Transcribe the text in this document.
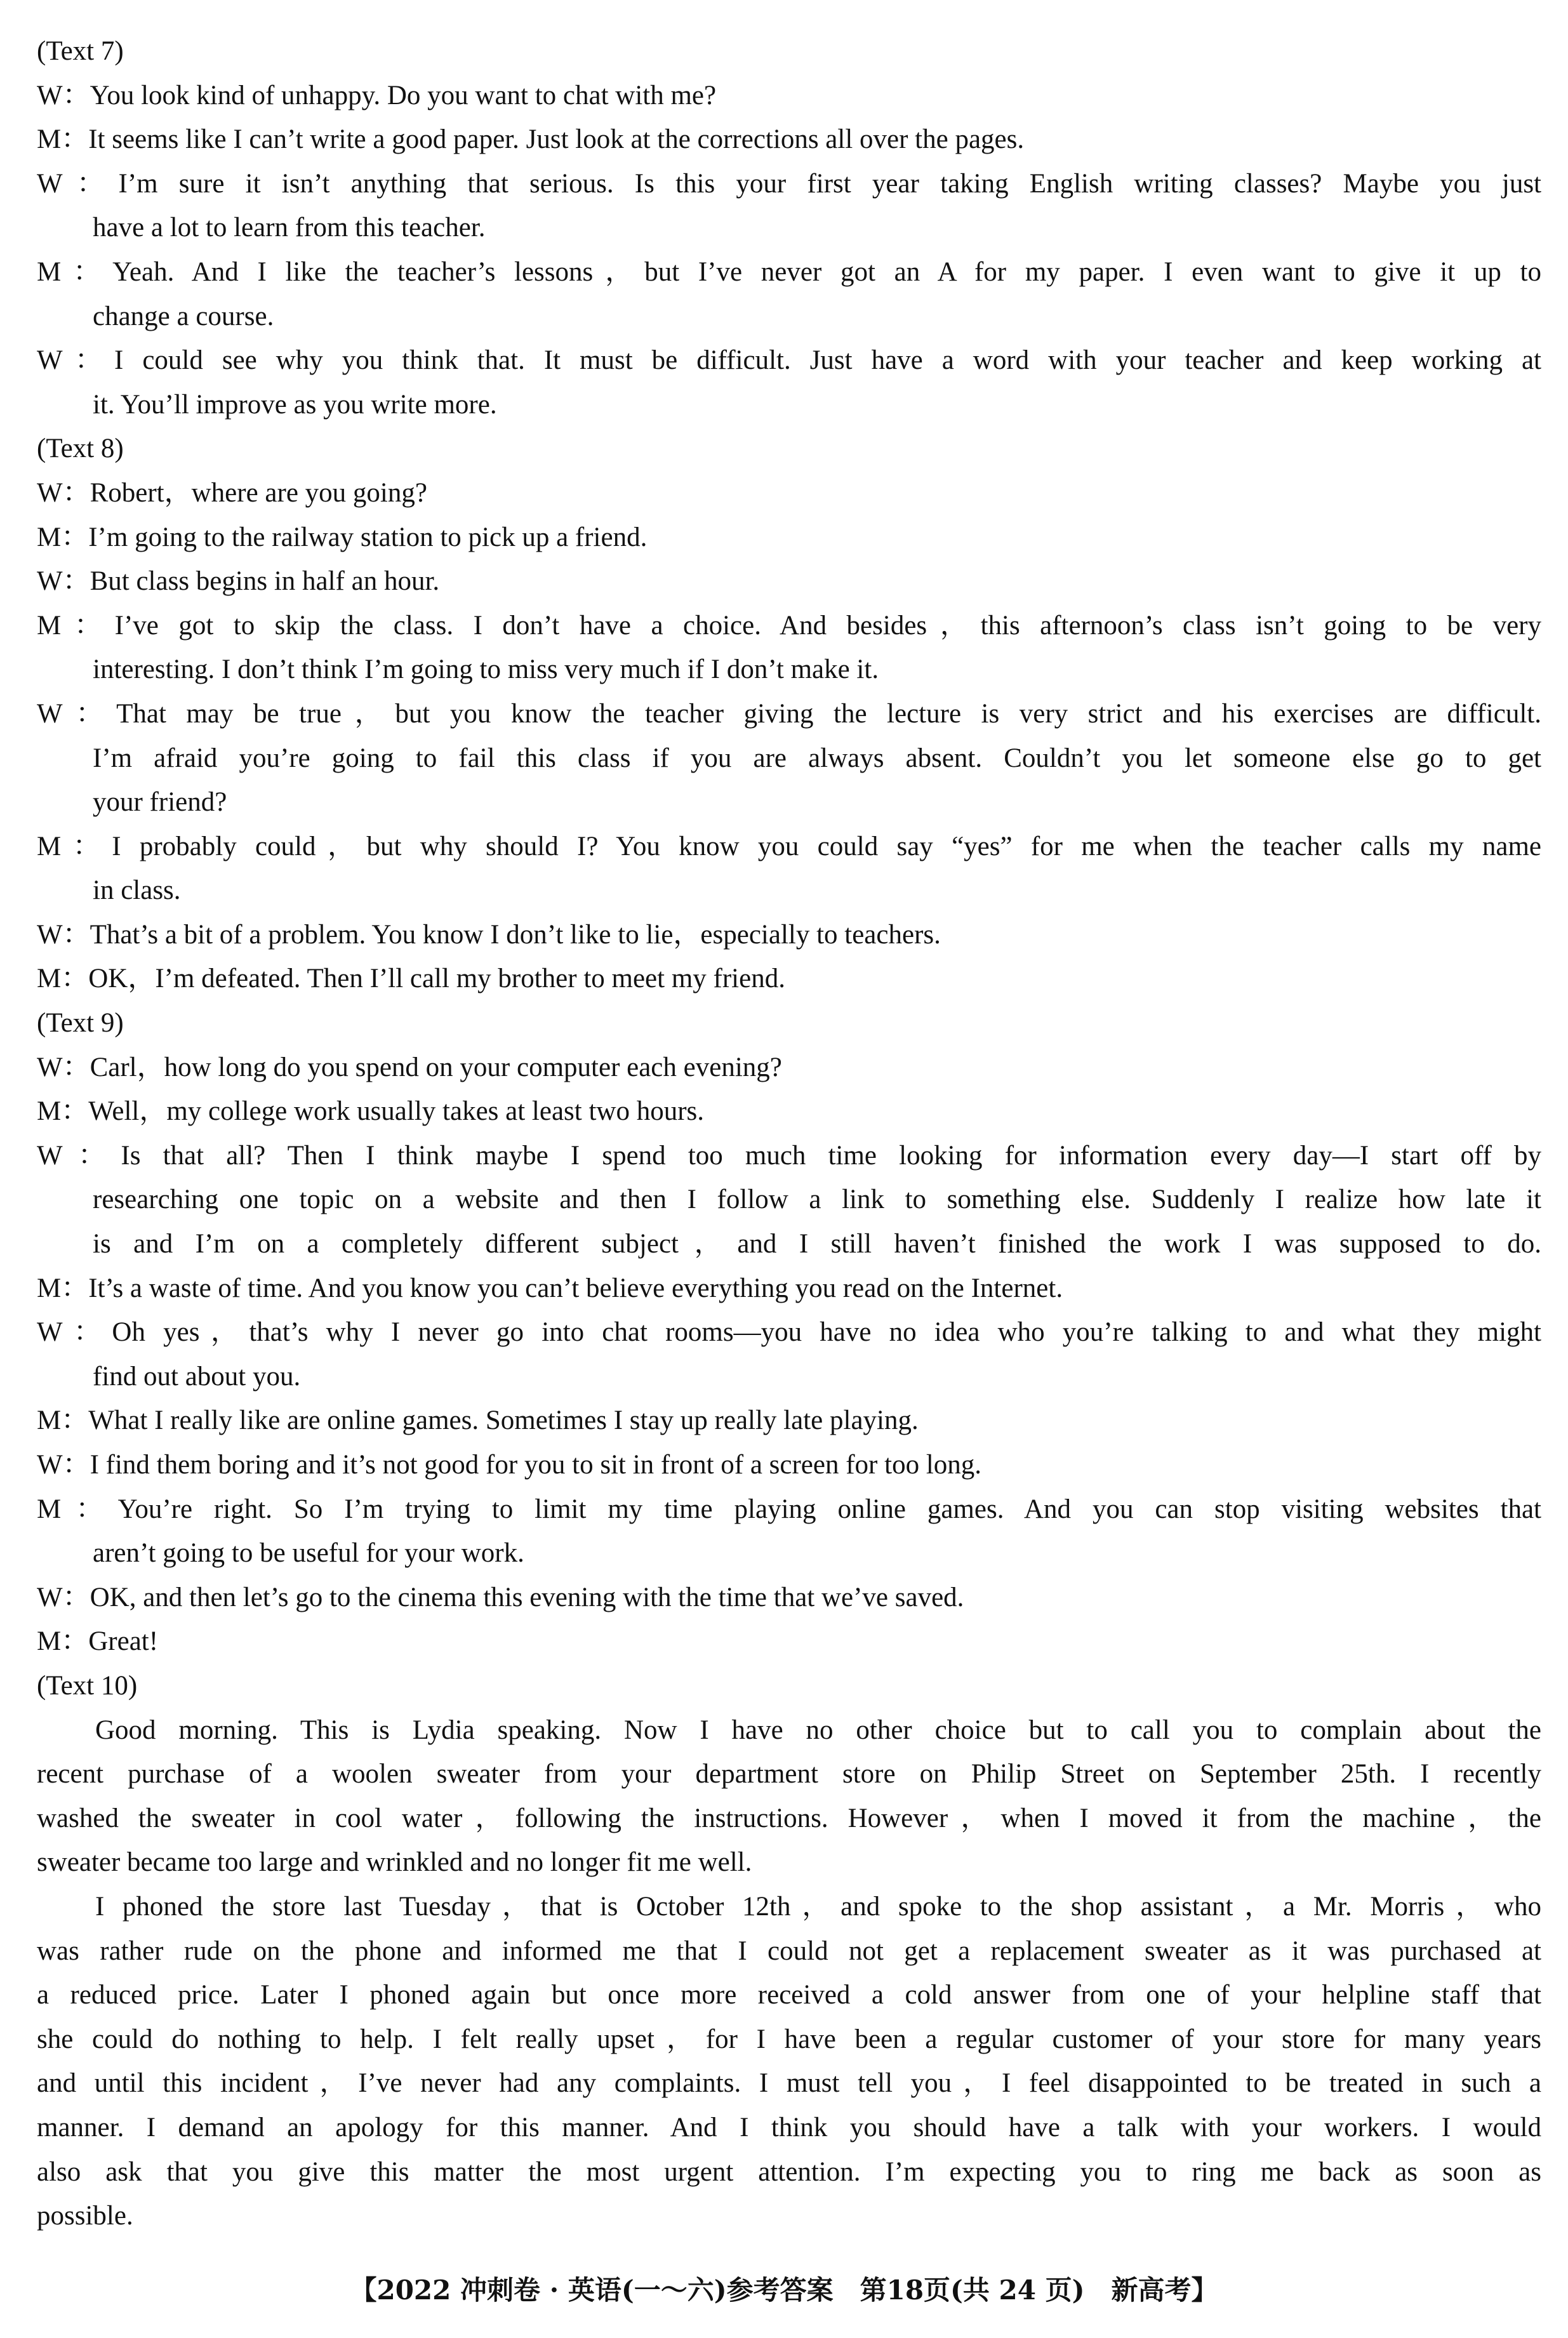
(Text 7)
W：You look kind of unhappy. Do you want to chat with me?
M：It seems like I can’t write a good paper. Just look at the corrections all over the pages.
W：I’m sure it isn’t anything that serious. Is this your first year taking English writing classes? Maybe you just
have a lot to learn from this teacher.
M：Yeah. And I like the teacher’s lessons，but I’ve never got an A for my paper. I even want to give it up to
change a course.
W：I could see why you think that. It must be difficult. Just have a word with your teacher and keep working at
it. You’ll improve as you write more.
(Text 8)
W：Robert，where are you going?
M：I’m going to the railway station to pick up a friend.
W：But class begins in half an hour.
M：I’ve got to skip the class. I don’t have a choice. And besides，this afternoon’s class isn’t going to be very
interesting. I don’t think I’m going to miss very much if I don’t make it.
W：That may be true，but you know the teacher giving the lecture is very strict and his exercises are difficult.
I’m afraid you’re going to fail this class if you are always absent. Couldn’t you let someone else go to get
your friend?
M：I probably could，but why should I? You know you could say “yes” for me when the teacher calls my name
in class.
W：That’s a bit of a problem. You know I don’t like to lie，especially to teachers.
M：OK，I’m defeated. Then I’ll call my brother to meet my friend.
(Text 9)
W：Carl，how long do you spend on your computer each evening?
M：Well，my college work usually takes at least two hours.
W：Is that all? Then I think maybe I spend too much time looking for information every day—I start off by
researching one topic on a website and then I follow a link to something else. Suddenly I realize how late it
is and I’m on a completely different subject，and I still haven’t finished the work I was supposed to do.
M：It’s a waste of time. And you know you can’t believe everything you read on the Internet.
W：Oh yes，that’s why I never go into chat rooms—you have no idea who you’re talking to and what they might
find out about you.
M：What I really like are online games. Sometimes I stay up really late playing.
W：I find them boring and it’s not good for you to sit in front of a screen for too long.
M：You’re right. So I’m trying to limit my time playing online games. And you can stop visiting websites that
aren’t going to be useful for your work.
W：OK, and then let’s go to the cinema this evening with the time that we’ve saved.
M：Great!
(Text 10)
Good morning. This is Lydia speaking. Now I have no other choice but to call you to complain about the
recent purchase of a woolen sweater from your department store on Philip Street on September 25th. I recently
washed the sweater in cool water，following the instructions. However，when I moved it from the machine，the
sweater became too large and wrinkled and no longer fit me well.
I phoned the store last Tuesday，that is October 12th，and spoke to the shop assistant，a Mr. Morris，who
was rather rude on the phone and informed me that I could not get a replacement sweater as it was purchased at
a reduced price. Later I phoned again but once more received a cold answer from one of your helpline staff that
she could do nothing to help. I felt really upset，for I have been a regular customer of your store for many years
and until this incident，I’ve never had any complaints. I must tell you，I feel disappointed to be treated in such a
manner. I demand an apology for this manner. And I think you should have a talk with your workers. I would
also ask that you give this matter the most urgent attention. I’m expecting you to ring me back as soon as
possible.
【2022 冲刺卷 · 英语(一～六)参考答案　第18页(共 24 页)　新高考】
